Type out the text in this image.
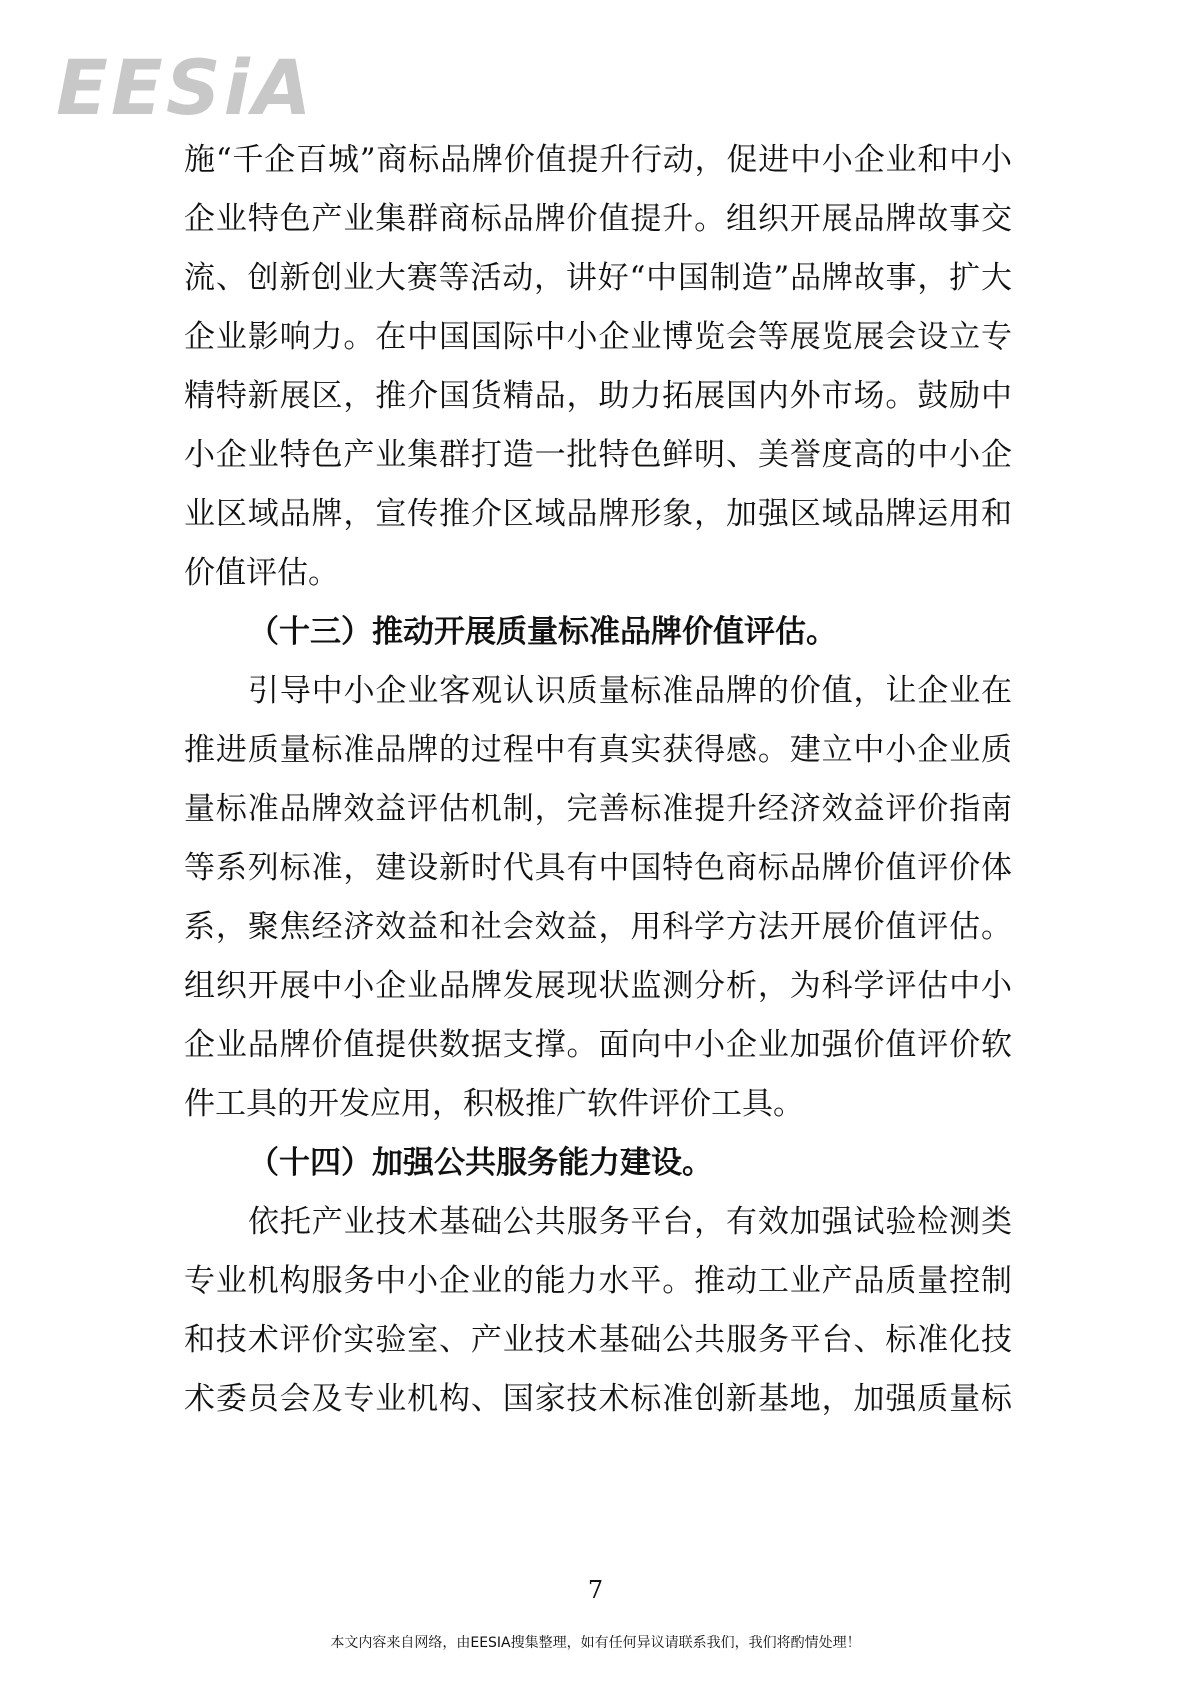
EESiA
施“千企百城”商标品牌价值提升行动，促进中小企业和中小
企业特色产业集群商标品牌价值提升。组织开展品牌故事交
流、创新创业大赛等活动，讲好“中国制造”品牌故事，扩大
企业影响力。在中国国际中小企业博览会等展览展会设立专
精特新展区，推介国货精品，助力拓展国内外市场。鼓励中
小企业特色产业集群打造一批特色鲜明、美誉度高的中小企
业区域品牌，宣传推介区域品牌形象，加强区域品牌运用和
价值评估。
（十三）推动开展质量标准品牌价值评估。
引导中小企业客观认识质量标准品牌的价值，让企业在
推进质量标准品牌的过程中有真实获得感。建立中小企业质
量标准品牌效益评估机制，完善标准提升经济效益评价指南
等系列标准，建设新时代具有中国特色商标品牌价值评价体
系，聚焦经济效益和社会效益，用科学方法开展价值评估。
组织开展中小企业品牌发展现状监测分析，为科学评估中小
企业品牌价值提供数据支撑。面向中小企业加强价值评价软
件工具的开发应用，积极推广软件评价工具。
（十四）加强公共服务能力建设。
依托产业技术基础公共服务平台，有效加强试验检测类
专业机构服务中小企业的能力水平。推动工业产品质量控制
和技术评价实验室、产业技术基础公共服务平台、标准化技
术委员会及专业机构、国家技术标准创新基地，加强质量标
7
本文内容来自网络，由EESIA搜集整理，如有任何异议请联系我们，我们将酌情处理！
